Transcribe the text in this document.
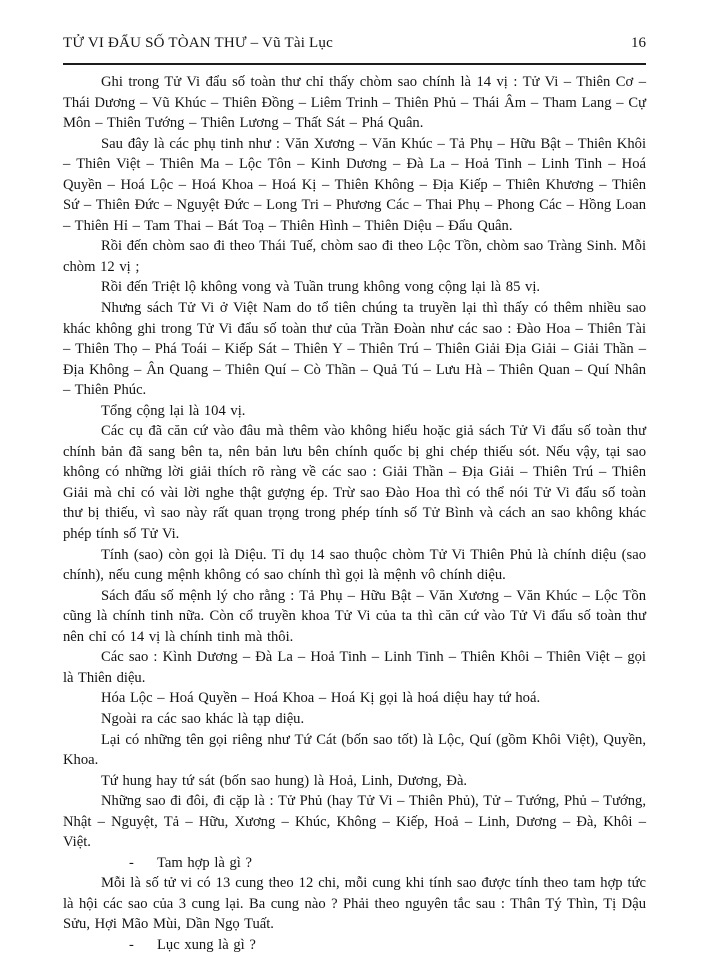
TỬ VI ĐẨU SỐ TÒAN THƯ – Vũ Tài Lục	16

Ghi trong Tử Vi đẩu số toàn thư chỉ thấy chòm sao chính là 14 vị : Tử Vi – Thiên Cơ – Thái Dương – Vũ Khúc – Thiên Đồng – Liêm Trinh – Thiên Phủ – Thái Âm – Tham Lang – Cự Môn – Thiên Tướng – Thiên Lương – Thất Sát – Phá Quân.

Sau đây là các phụ tinh như : Văn Xương – Văn Khúc – Tả Phụ – Hữu Bật – Thiên Khôi – Thiên Việt – Thiên Ma – Lộc Tôn – Kinh Dương – Đà La – Hoả Tinh – Linh Tinh – Hoá Quyền – Hoá Lộc – Hoá Khoa – Hoá Kị – Thiên Không – Địa Kiếp – Thiên Khương – Thiên Sứ – Thiên Đức – Nguyệt Đức – Long Tri – Phương Các – Thai Phụ – Phong Các – Hồng Loan – Thiên Hỉ – Tam Thai – Bát Toạ – Thiên Hình – Thiên Diệu – Đẩu Quân.

Rồi đến chòm sao đi theo Thái Tuế, chòm sao đi theo Lộc Tồn, chòm sao Tràng Sinh. Mỗi chòm 12 vị ;

Rồi đến Triệt lộ không vong và Tuần trung không vong cộng lại là 85 vị.

Nhưng sách Tử Vi ở Việt Nam do tổ tiên chúng ta truyền lại thì thấy có thêm nhiều sao khác không ghi trong Tử Vi đẩu số toàn thư của Trần Đoàn như các sao : Đào Hoa – Thiên Tài – Thiên Thọ – Phá Toái – Kiếp Sát – Thiên Y – Thiên Trú – Thiên Giải Địa Giải – Giải Thần – Địa Không – Ân Quang – Thiên Quí – Cò Thần – Quả Tú – Lưu Hà – Thiên Quan – Quí Nhân – Thiên Phúc.

Tổng cộng lại là 104 vị.

Các cụ đã căn cứ vào đâu mà thêm vào không hiểu hoặc giả sách Tử Vi đẩu số toàn thư chính bản đã sang bên ta, nên bản lưu bên chính quốc bị ghi chép thiếu sót. Nếu vậy, tại sao không có những lời giải thích rõ ràng về các sao : Giải Thần – Địa Giải – Thiên Trú – Thiên Giải mà chỉ có vài lời nghe thật gượng ép. Trừ sao Đào Hoa thì có thể nói Tử Vi đẩu số toàn thư bị thiếu, vì sao này rất quan trọng trong phép tính số Tử Bình và cách an sao không khác phép tính số Tử Vi.

Tính (sao) còn gọi là Diệu. Tỉ dụ 14 sao thuộc chòm Tử Vi Thiên Phủ là chính diệu (sao chính), nếu cung mệnh không có sao chính thì gọi là mệnh vô chính diệu.

Sách đẩu số mệnh lý cho rằng : Tả Phụ – Hữu Bật – Văn Xương – Văn Khúc – Lộc Tồn cũng là chính tinh nữa. Còn cổ truyền khoa Tử Vi của ta thì căn cứ vào Tử Vi đẩu số toàn thư nên chỉ có 14 vị là chính tinh mà thôi.

Các sao : Kình Dương – Đà La – Hoả Tinh – Linh Tinh – Thiên Khôi – Thiên Việt – gọi là Thiên diệu.

Hóa Lộc – Hoá Quyền – Hoá Khoa – Hoá Kị gọi là hoá diệu hay tứ hoá.

Ngoài ra các sao khác là tạp diệu.

Lại có những tên gọi riêng như Tứ Cát (bốn sao tốt) là Lộc, Quí (gồm Khôi Việt), Quyền, Khoa.

Tứ hung hay tứ sát (bốn sao hung) là Hoả, Linh, Dương, Đà.

Những sao đi đôi, đi cặp là : Tử Phủ (hay Tử Vi – Thiên Phủ), Tử – Tướng, Phủ – Tướng, Nhật – Nguyệt, Tả – Hữu, Xương – Khúc, Không – Kiếp, Hoả – Linh, Dương – Đà, Khôi – Việt.

- Tam hợp là gì ?

Mỗi là số tử vi có 13 cung theo 12 chi, mỗi cung khi tính sao được tính theo tam hợp tức là hội các sao của 3 cung lại. Ba cung nào ? Phải theo nguyên tắc sau : Thân Tý Thìn, Tị Dậu Sửu, Hợi Mão Mùi, Dần Ngọ Tuất.

- Lục xung là gì ?
